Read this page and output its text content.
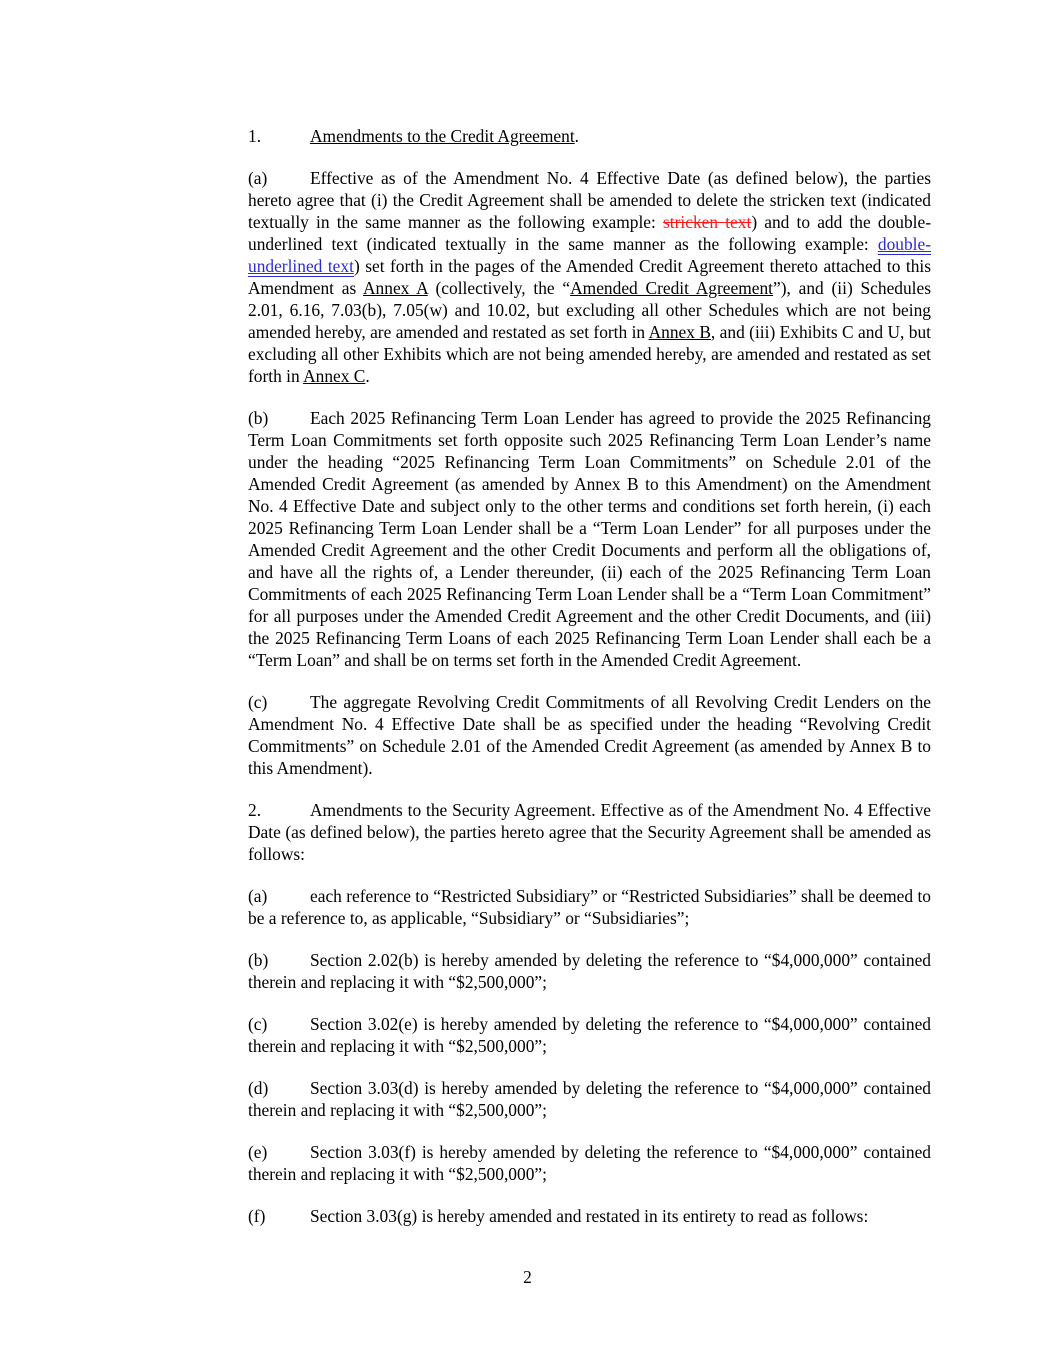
1.	Amendments to the Credit Agreement.

(a) Effective as of the Amendment No. 4 Effective Date (as defined below), the parties hereto agree that (i) the Credit Agreement shall be amended to delete the stricken text (indicated textually in the same manner as the following example: stricken text) and to add the double-underlined text (indicated textually in the same manner as the following example: double-underlined text) set forth in the pages of the Amended Credit Agreement thereto attached to this Amendment as Annex A (collectively, the “Amended Credit Agreement”), and (ii) Schedules 2.01, 6.16, 7.03(b), 7.05(w) and 10.02, but excluding all other Schedules which are not being amended hereby, are amended and restated as set forth in Annex B, and (iii) Exhibits C and U, but excluding all other Exhibits which are not being amended hereby, are amended and restated as set forth in Annex C.

(b) Each 2025 Refinancing Term Loan Lender has agreed to provide the 2025 Refinancing Term Loan Commitments set forth opposite such 2025 Refinancing Term Loan Lender’s name under the heading “2025 Refinancing Term Loan Commitments” on Schedule 2.01 of the Amended Credit Agreement (as amended by Annex B to this Amendment) on the Amendment No. 4 Effective Date and subject only to the other terms and conditions set forth herein, (i) each 2025 Refinancing Term Loan Lender shall be a “Term Loan Lender” for all purposes under the Amended Credit Agreement and the other Credit Documents and perform all the obligations of, and have all the rights of, a Lender thereunder, (ii) each of the 2025 Refinancing Term Loan Commitments of each 2025 Refinancing Term Loan Lender shall be a “Term Loan Commitment” for all purposes under the Amended Credit Agreement and the other Credit Documents, and (iii) the 2025 Refinancing Term Loans of each 2025 Refinancing Term Loan Lender shall each be a “Term Loan” and shall be on terms set forth in the Amended Credit Agreement.

(c) The aggregate Revolving Credit Commitments of all Revolving Credit Lenders on the Amendment No. 4 Effective Date shall be as specified under the heading “Revolving Credit Commitments” on Schedule 2.01 of the Amended Credit Agreement (as amended by Annex B to this Amendment).

2.	Amendments to the Security Agreement. Effective as of the Amendment No. 4 Effective Date (as defined below), the parties hereto agree that the Security Agreement shall be amended as follows:

(a) each reference to “Restricted Subsidiary” or “Restricted Subsidiaries” shall be deemed to be a reference to, as applicable, “Subsidiary” or “Subsidiaries”;

(b) Section 2.02(b) is hereby amended by deleting the reference to “$4,000,000” contained therein and replacing it with “$2,500,000”;

(c) Section 3.02(e) is hereby amended by deleting the reference to “$4,000,000” contained therein and replacing it with “$2,500,000”;

(d) Section 3.03(d) is hereby amended by deleting the reference to “$4,000,000” contained therein and replacing it with “$2,500,000”;

(e) Section 3.03(f) is hereby amended by deleting the reference to “$4,000,000” contained therein and replacing it with “$2,500,000”;

(f)	Section 3.03(g) is hereby amended and restated in its entirety to read as follows:

2
